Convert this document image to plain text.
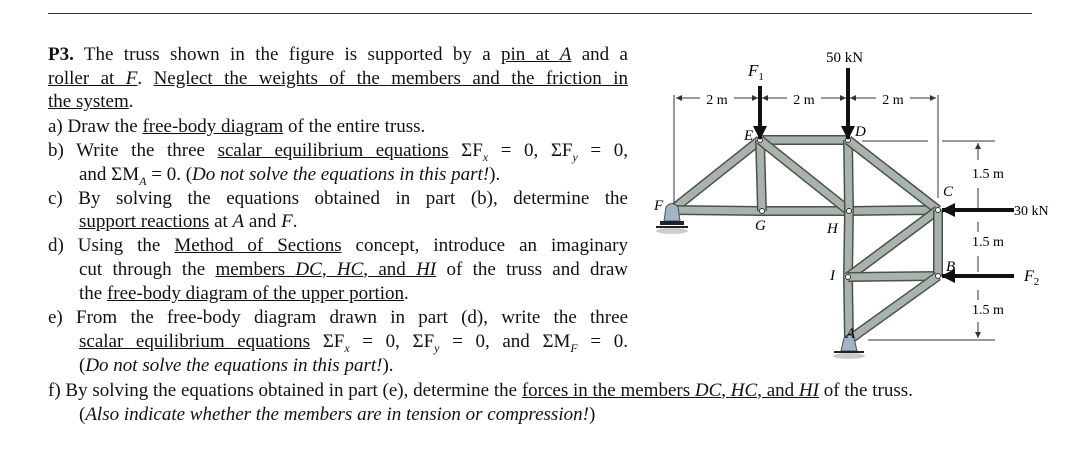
P3. The truss shown in the figure is supported by a pin at A and a
roller at F. Neglect the weights of the members and the friction in
the system.
a) Draw the free-body diagram of the entire truss.
b) Write the three scalar equilibrium equations $\Sigma F_x = 0$, $\Sigma F_y = 0$,
and $\Sigma M_A = 0$. (Do not solve the equations in this part!).
c) By solving the equations obtained in part (b), determine the
support reactions at A and F.
d) Using the Method of Sections concept, introduce an imaginary
cut through the members DC, HC, and HI of the truss and draw
the free-body diagram of the upper portion.
e) From the free-body diagram drawn in part (d), write the three
scalar equilibrium equations $\Sigma F_x = 0$, $\Sigma F_y = 0$, and $\Sigma M_F = 0$.
(Do not solve the equations in this part!).
f) By solving the equations obtained in part (e), determine the forces in the members DC, HC, and HI of the truss.
(Also indicate whether the members are in tension or compression!)
2 m	2 m	2 m
1.5 m
1.5 m
1.5 m
$F_1$
50 kN
30 kN
$F_2$
A
B
C
D
E
F
G	H
I
